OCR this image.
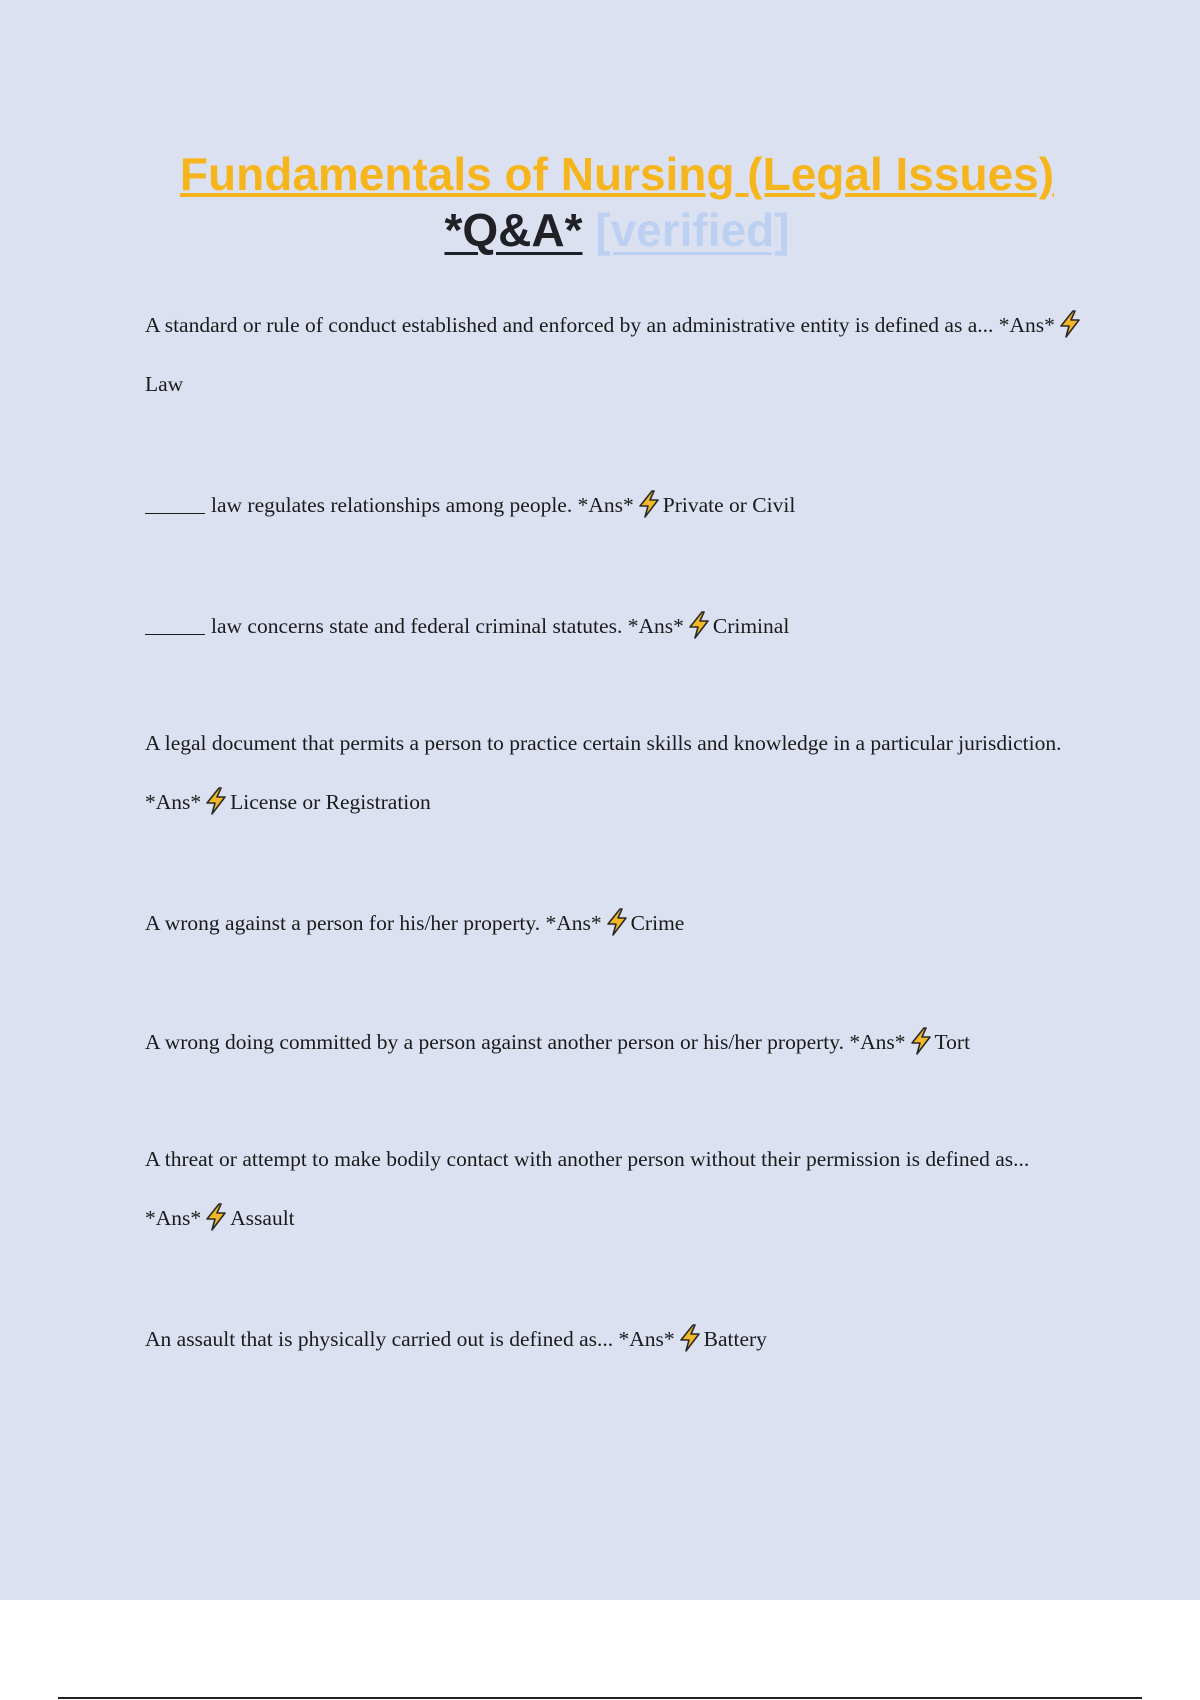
Fundamentals of Nursing (Legal Issues)
*Q&A* [verified]
A standard or rule of conduct established and enforced by an administrative entity is defined as a... *Ans*Law
law regulates relationships among people. *Ans* Private or Civil
law concerns state and federal criminal statutes. *Ans* Criminal
A legal document that permits a person to practice certain skills and knowledge in a particular jurisdiction. *Ans* License or Registration
A wrong against a person for his/her property. *Ans* Crime
A wrong doing committed by a person against another person or his/her property. *Ans* Tort
A threat or attempt to make bodily contact with another person without their permission is defined as... *Ans* Assault
An assault that is physically carried out is defined as... *Ans* Battery
